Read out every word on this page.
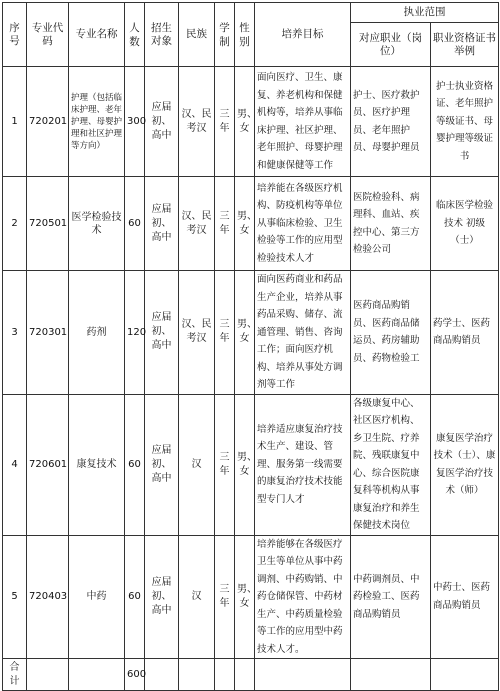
序号	专业代码	专业名称	人数	招生对象	民族	学制	性别	培养目标	执业范围	
									对应职业（岗位）	职业资格证书举例
1	720201	护理（包括临床护理、老年护理、母婴护理和社区护理等方向）	300	应届初、高中	汉、民考汉	三年	男、女	面向医疗、卫生、康复、养老机构和保健机构等，培养从事临床护理、社区护理、老年照护、母婴护理和健康保健等工作	护士、医疗救护员、医疗护理员、老年照护员、母婴护理员	护士执业资格证、老年照护等级证书、母婴护理等级证书
2	720501	医学检验技术	60	应届初、高中	汉、民考汉	三年	男、女	培养能在各级医疗机构、防疫机构等单位从事临床检验、卫生检验等工作的应用型检验技术人才	医院检验科、病理科、血站、疾控中心、第三方检验公司	临床医学检验技术 初级（士）
3	720301	药剂	120	应届初、高中	汉、民考汉	三年	男、女	面向医药商业和药品生产企业，培养从事药品采购、储存、流通管理、销售、咨询工作；面向医疗机构、培养从事处方调剂等工作	医药商品购销员、医药商品储运员、药房辅助员、药物检验工	药学士、医药商品购销员
4	720601	康复技术	60	应届初、高中	汉	三年	男、女	培养适应康复治疗技术生产、建设、管理、服务第一线需要的康复治疗技术技能型专门人才	各级康复中心、社区医疗机构、乡卫生院、疗养院、残联康复中心、综合医院康复科等机构从事康复治疗和养生保健技术岗位	康复医学治疗技术（士）、康复医学治疗技术（师）
5	720403	中药	60	应届初、高中	汉	三年	男、女	培养能够在各级医疗卫生等单位从事中药调剂、中药购销、中药仓储保管、中药材生产、中药质量检验等工作的应用型中药技术人才。	中药调剂员、中药检验工、医药商品购销员	中药士、医药商品购销员
合计			600							
